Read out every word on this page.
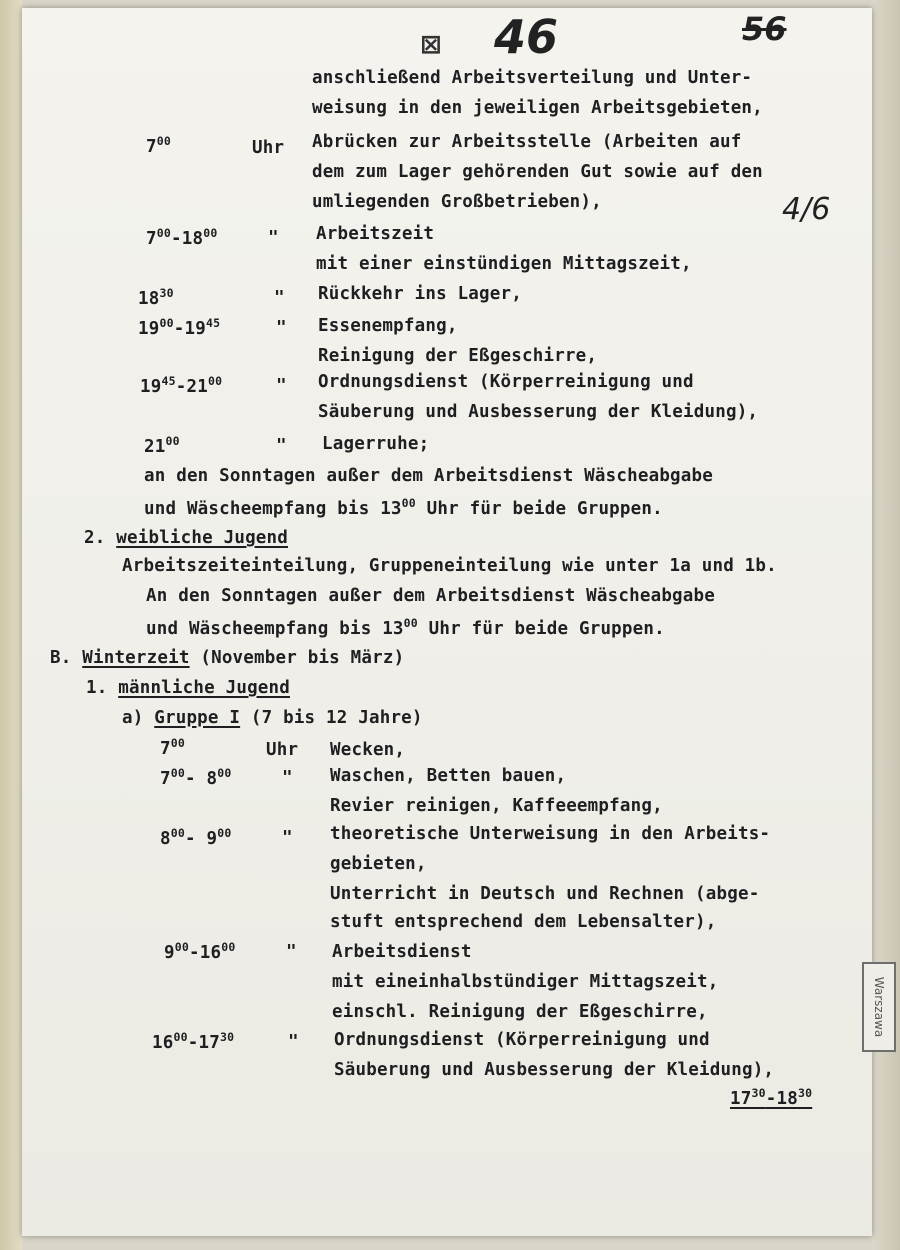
⊠ 46	56
4/6
Warszawa
anschließend Arbeitsverteilung und Unter-
weisung in den jeweiligen Arbeitsgebieten,
$7^{00}$	Uhr Abrücken zur Arbeitsstelle (Arbeiten auf
dem zum Lager gehörenden Gut sowie auf den
umliegenden Großbetrieben),
$7^{00}-18^{00}$	" Arbeitszeit
mit einer einstündigen Mittagszeit,
$18^{30}$	" Rückkehr ins Lager,
$19^{00}-19^{45}$	" Essenempfang,
Reinigung der Eßgeschirre,
$19^{45}-21^{00}$	" Ordnungsdienst (Körperreinigung und
Säuberung und Ausbesserung der Kleidung),
$21^{00}$	" Lagerruhe;
an den Sonntagen außer dem Arbeitsdienst Wäscheabgabe
und Wäscheempfang bis $13^{00}$ Uhr für beide Gruppen.
2. weibliche Jugend
Arbeitszeiteinteilung, Gruppeneinteilung wie unter 1a und 1b.
An den Sonntagen außer dem Arbeitsdienst Wäscheabgabe
und Wäscheempfang bis $13^{00}$ Uhr für beide Gruppen.
B. Winterzeit (November bis März)
1. männliche Jugend
a) Gruppe I (7 bis 12 Jahre)
$7^{00}$	Uhr Wecken,
$7^{00}-$ $8^{00}$	" Waschen, Betten bauen,
Revier reinigen, Kaffeeempfang,
$8^{00}-$ $9^{00}$	" theoretische Unterweisung in den Arbeits-
gebieten,
Unterricht in Deutsch und Rechnen (abge-
stuft entsprechend dem Lebensalter),
$9^{00}-16^{00}$	" Arbeitsdienst
mit eineinhalbstündiger Mittagszeit,
einschl. Reinigung der Eßgeschirre,
$16^{00}-17^{30}$	" Ordnungsdienst (Körperreinigung und
Säuberung und Ausbesserung der Kleidung),
$17^{30}-18^{30}$
